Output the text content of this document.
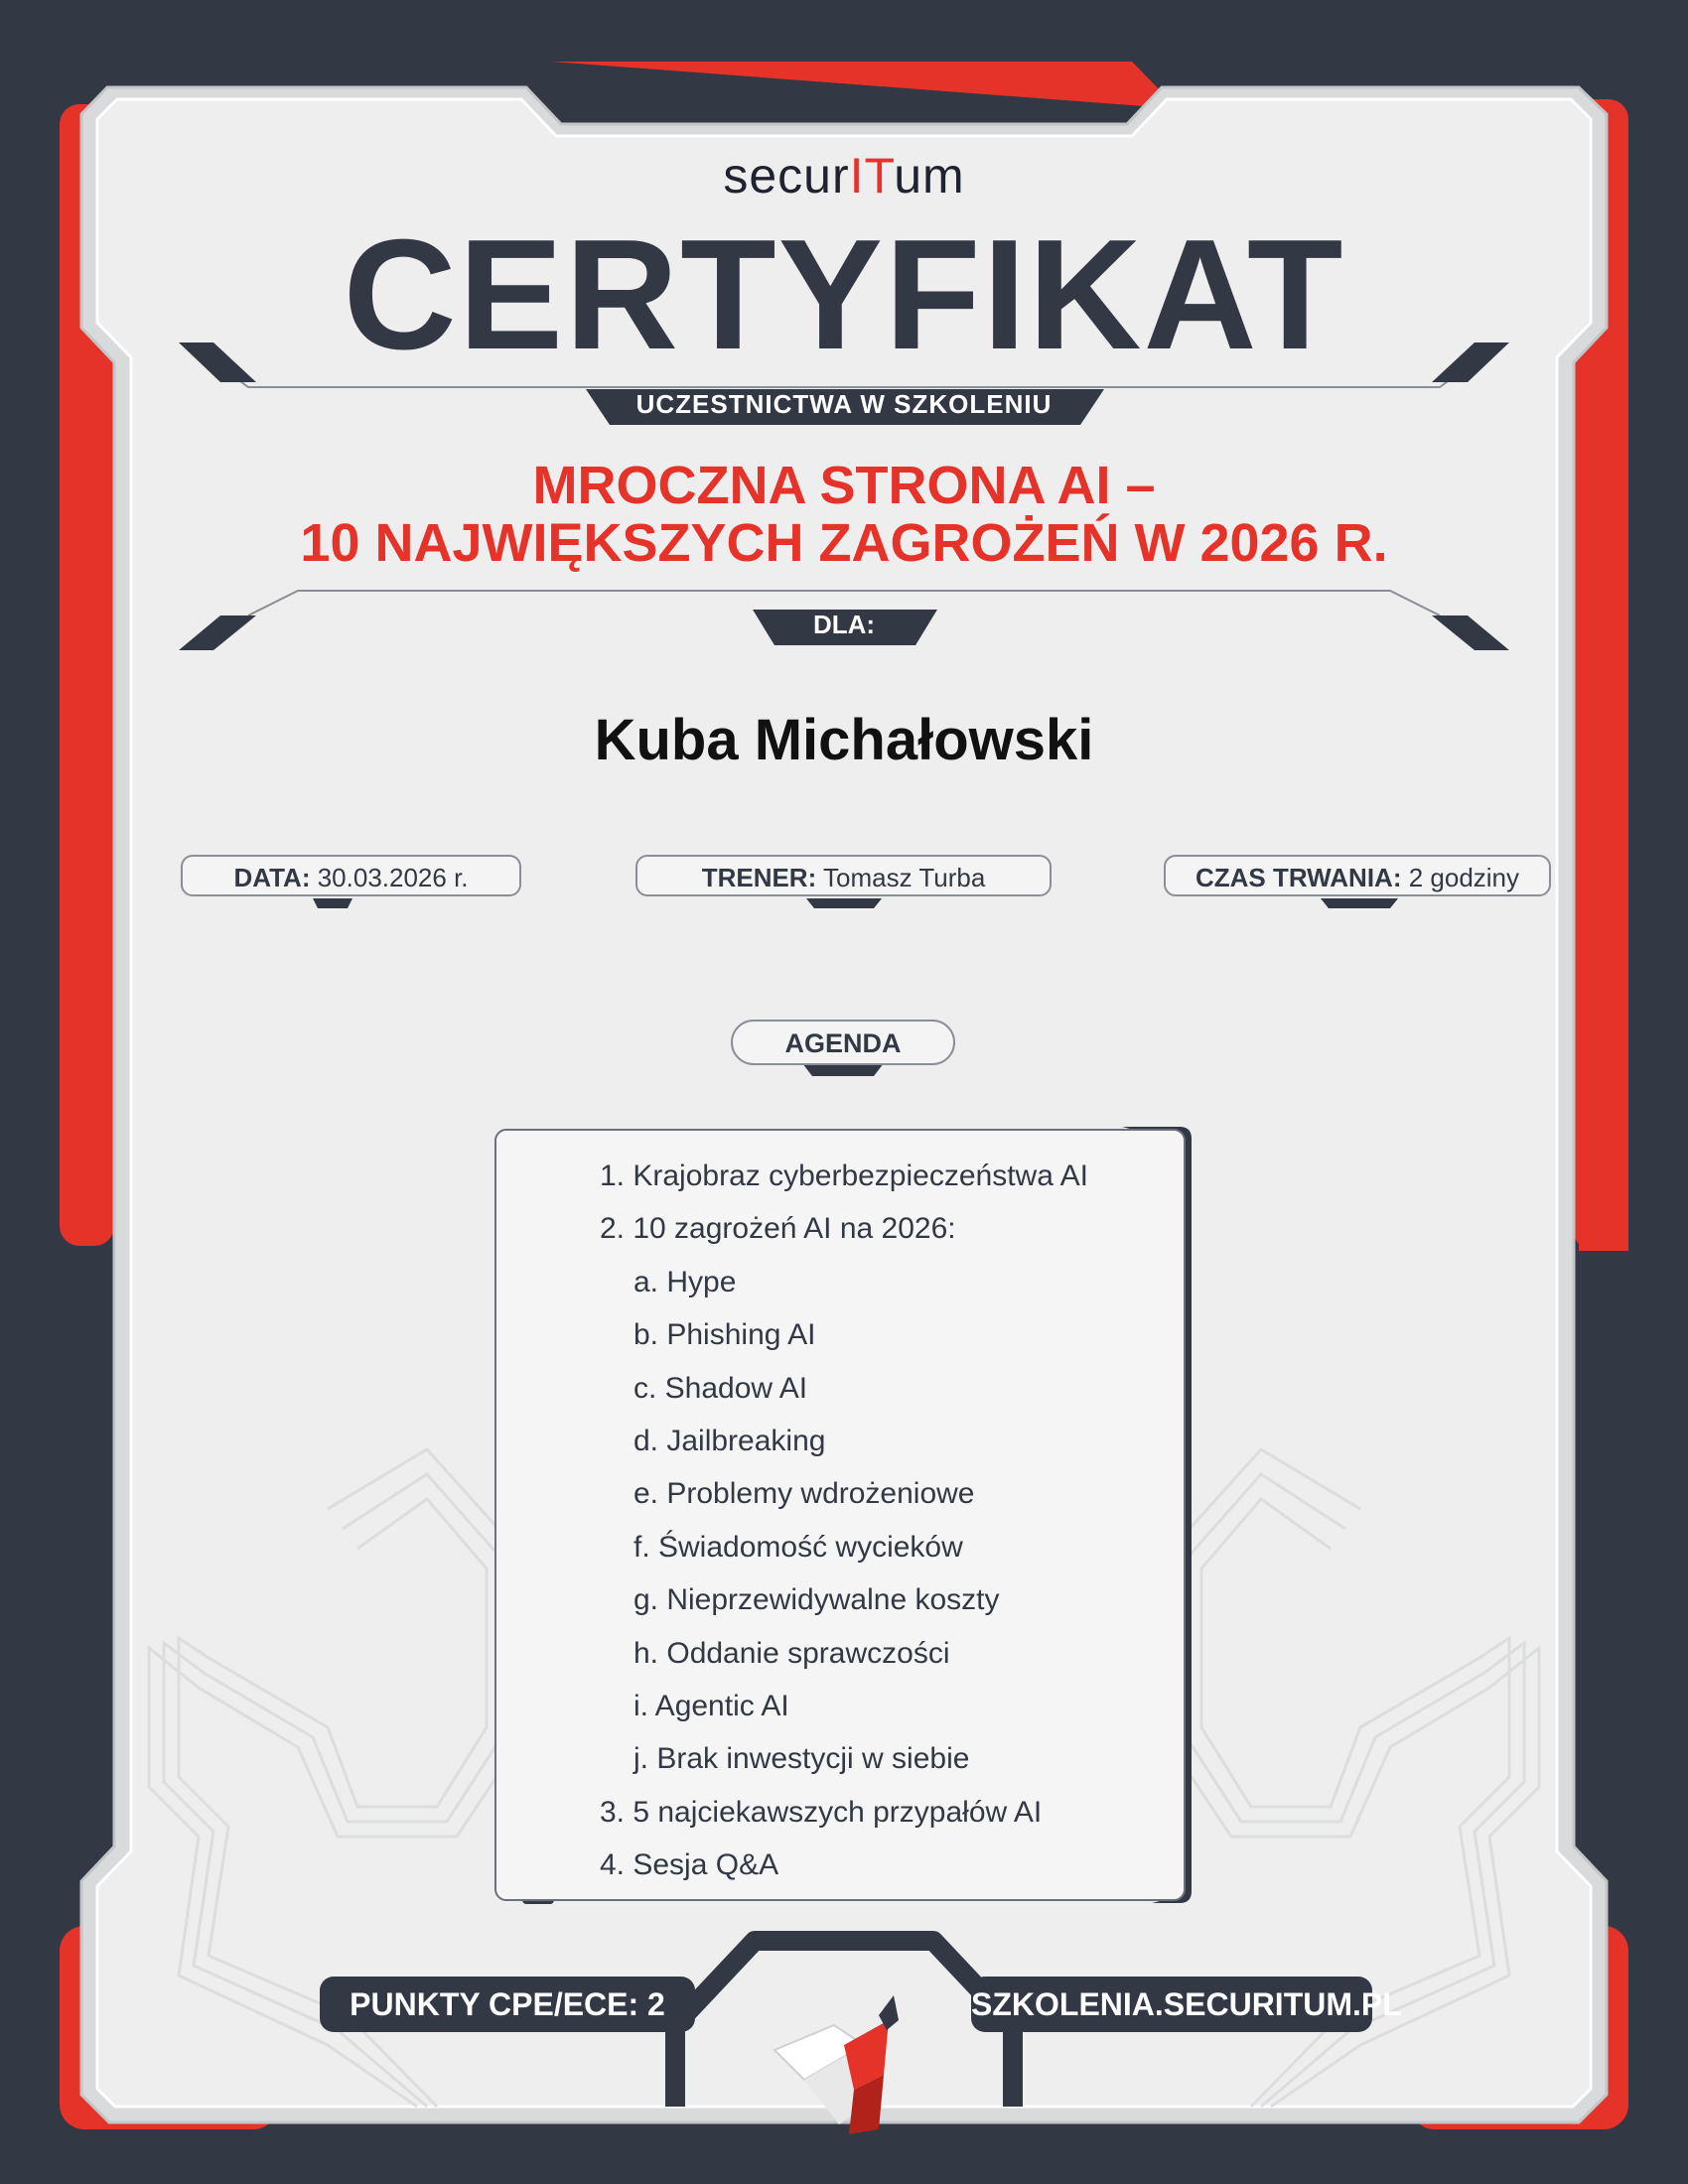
securITum
CERTYFIKAT
UCZESTNICTWA W SZKOLENIU
MROCZNA STRONA AI –
10 NAJWIĘKSZYCH ZAGROŻEŃ W 2026 R.
DLA:
Kuba Michałowski
DATA: 30.03.2026 r.	TRENER: Tomasz Turba	CZAS TRWANIA: 2 godziny
AGENDA
1. Krajobraz cyberbezpieczeństwa AI
2. 10 zagrożeń AI na 2026:
a. Hype
b. Phishing AI
c. Shadow AI
d. Jailbreaking
e. Problemy wdrożeniowe
f. Świadomość wycieków
g. Nieprzewidywalne koszty
h. Oddanie sprawczości
i. Agentic AI
j. Brak inwestycji w siebie
3. 5 najciekawszych przypałów AI
4. Sesja Q&A
PUNKTY CPE/ECE: 2	SZKOLENIA.SECURITUM.PL
